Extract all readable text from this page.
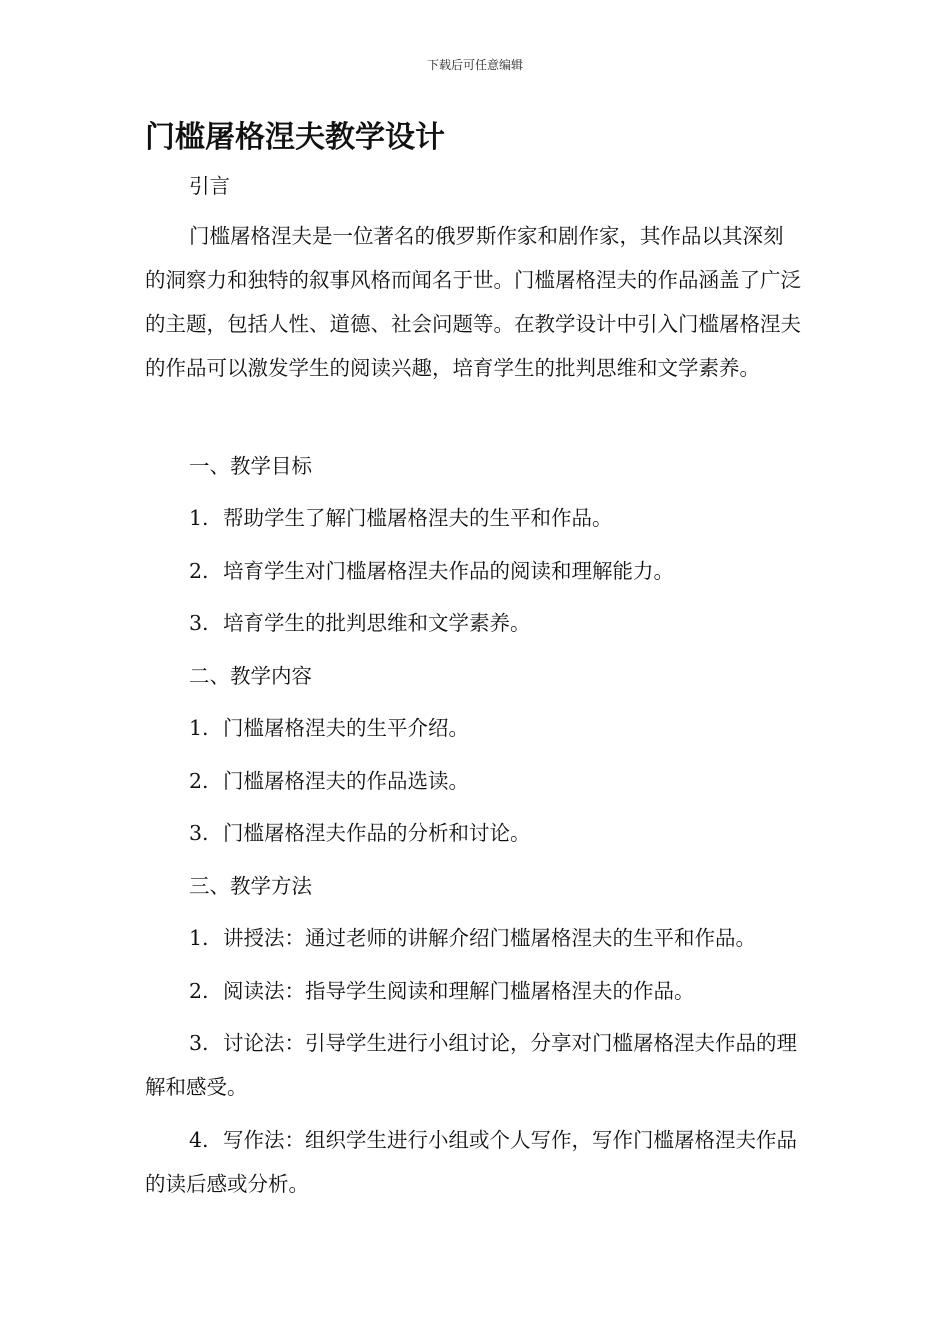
下载后可任意编辑
门槛屠格涅夫教学设计

引言

门槛屠格涅夫是一位著名的俄罗斯作家和剧作家，其作品以其深刻的洞察力和独特的叙事风格而闻名于世。门槛屠格涅夫的作品涵盖了广泛的主题，包括人性、道德、社会问题等。在教学设计中引入门槛屠格涅夫的作品可以激发学生的阅读兴趣，培育学生的批判思维和文学素养。

一、教学目标

1. 帮助学生了解门槛屠格涅夫的生平和作品。

2. 培育学生对门槛屠格涅夫作品的阅读和理解能力。

3. 培育学生的批判思维和文学素养。

二、教学内容

1. 门槛屠格涅夫的生平介绍。

2. 门槛屠格涅夫的作品选读。

3. 门槛屠格涅夫作品的分析和讨论。

三、教学方法

1. 讲授法：通过老师的讲解介绍门槛屠格涅夫的生平和作品。

2. 阅读法：指导学生阅读和理解门槛屠格涅夫的作品。

3. 讨论法：引导学生进行小组讨论，分享对门槛屠格涅夫作品的理解和感受。

4. 写作法：组织学生进行小组或个人写作，写作门槛屠格涅夫作品的读后感或分析。
